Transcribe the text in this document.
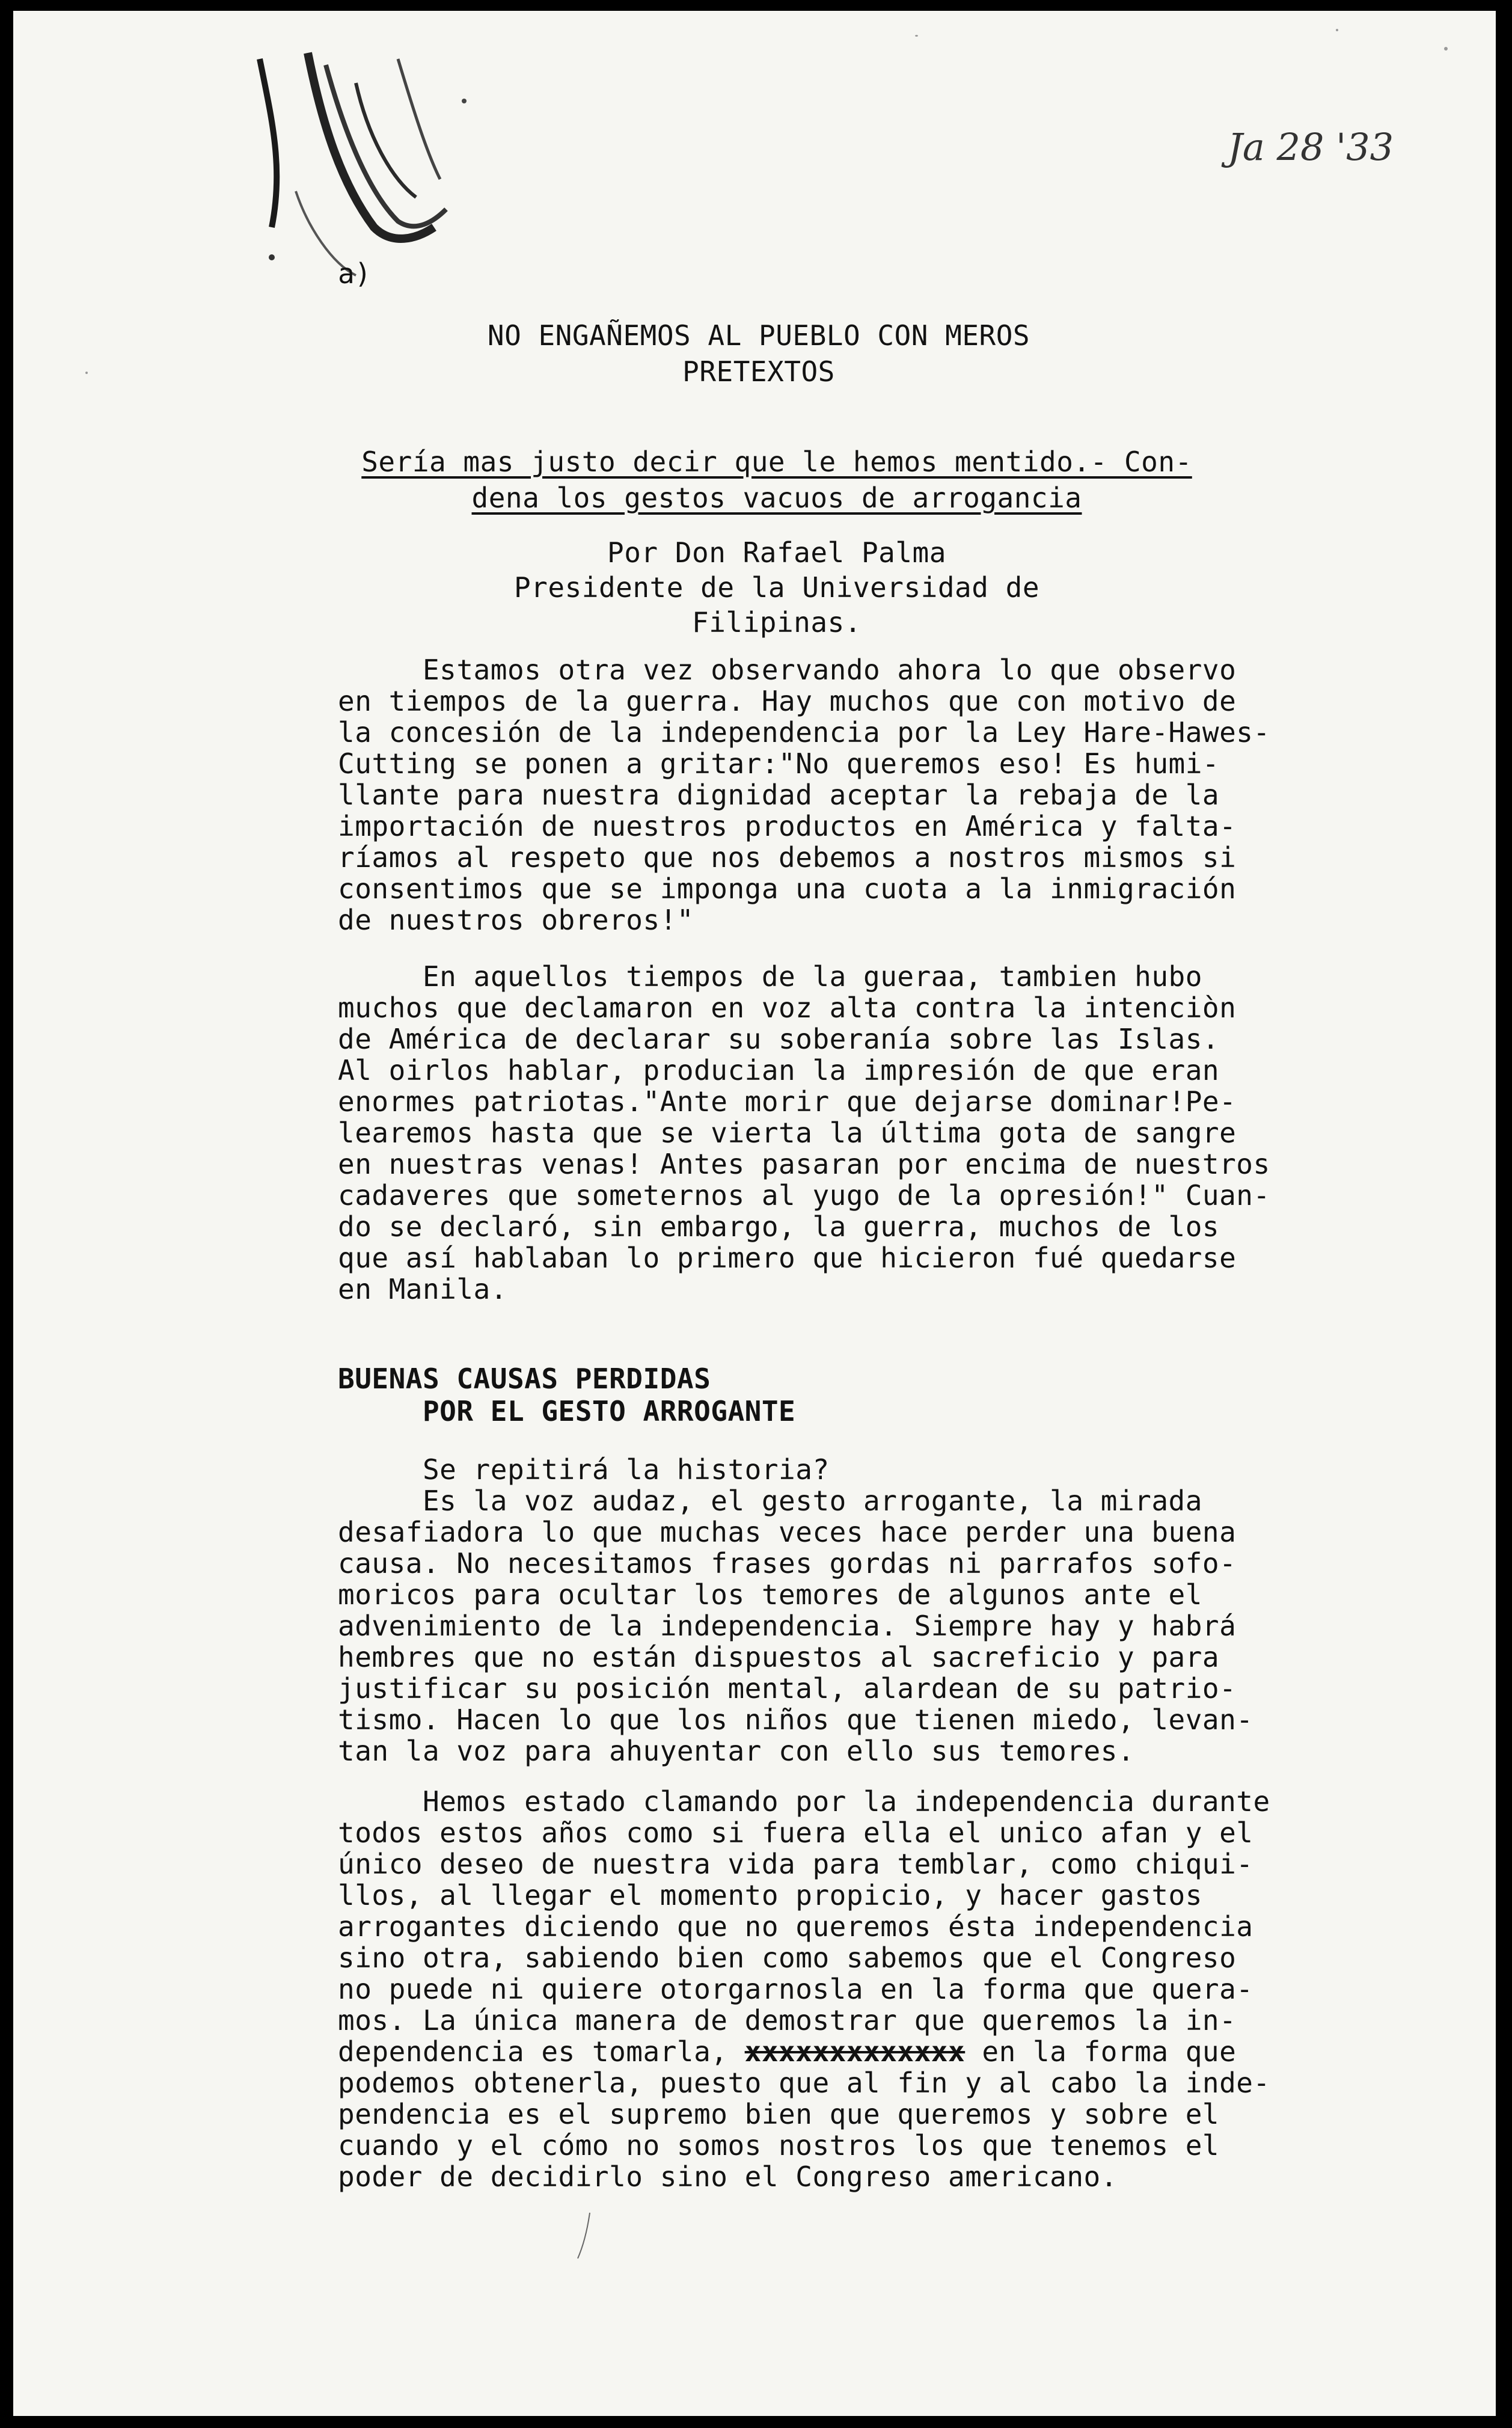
a)
Ja 28 '33
NO ENGAÑEMOS AL PUEBLO CON MEROS
PRETEXTOS

Sería mas justo decir que le hemos mentido.- Con-
dena los gestos vacuos de arrogancia

Por Don Rafael Palma
Presidente de la Universidad de
Filipinas.

Estamos otra vez observando ahora lo que observo
en tiempos de la guerra. Hay muchos que con motivo de
la concesión de la independencia por la Ley Hare-Hawes-
Cutting se ponen a gritar:"No queremos eso! Es humi-
llante para nuestra dignidad aceptar la rebaja de la
importación de nuestros productos en América y falta-
ríamos al respeto que nos debemos a nostros mismos si
consentimos que se imponga una cuota a la inmigración
de nuestros obreros!"
En aquellos tiempos de la gueraa, tambien hubo
muchos que declamaron en voz alta contra la intenciòn
de América de declarar su soberanía sobre las Islas.
Al oirlos hablar, producian la impresión de que eran
enormes patriotas."Ante morir que dejarse dominar!Pe-
learemos hasta que se vierta la última gota de sangre
en nuestras venas! Antes pasaran por encima de nuestros
cadaveres que someternos al yugo de la opresión!" Cuan-
do se declaró, sin embargo, la guerra, muchos de los
que así hablaban lo primero que hicieron fué quedarse
en Manila.
BUENAS CAUSAS PERDIDAS
POR EL GESTO ARROGANTE
Se repitirá la historia?
Es la voz audaz, el gesto arrogante, la mirada
desafiadora lo que muchas veces hace perder una buena
causa. No necesitamos frases gordas ni parrafos sofo-
moricos para ocultar los temores de algunos ante el
advenimiento de la independencia. Siempre hay y habrá
hembres que no están dispuestos al sacreficio y para
justificar su posición mental, alardean de su patrio-
tismo. Hacen lo que los niños que tienen miedo, levan-
tan la voz para ahuyentar con ello sus temores.
Hemos estado clamando por la independencia durante
todos estos años como si fuera ella el unico afan y el
único deseo de nuestra vida para temblar, como chiqui-
llos, al llegar el momento propicio, y hacer gastos
arrogantes diciendo que no queremos ésta independencia
sino otra, sabiendo bien como sabemos que el Congreso
no puede ni quiere otorgarnosla en la forma que quera-
mos. La única manera de demostrar que queremos la in-
dependencia es tomarla, xxxxxxxxxxxxx en la forma que
podemos obtenerla, puesto que al fin y al cabo la inde-
pendencia es el supremo bien que queremos y sobre el
cuando y el cómo no somos nostros los que tenemos el
poder de decidirlo sino el Congreso americano.
